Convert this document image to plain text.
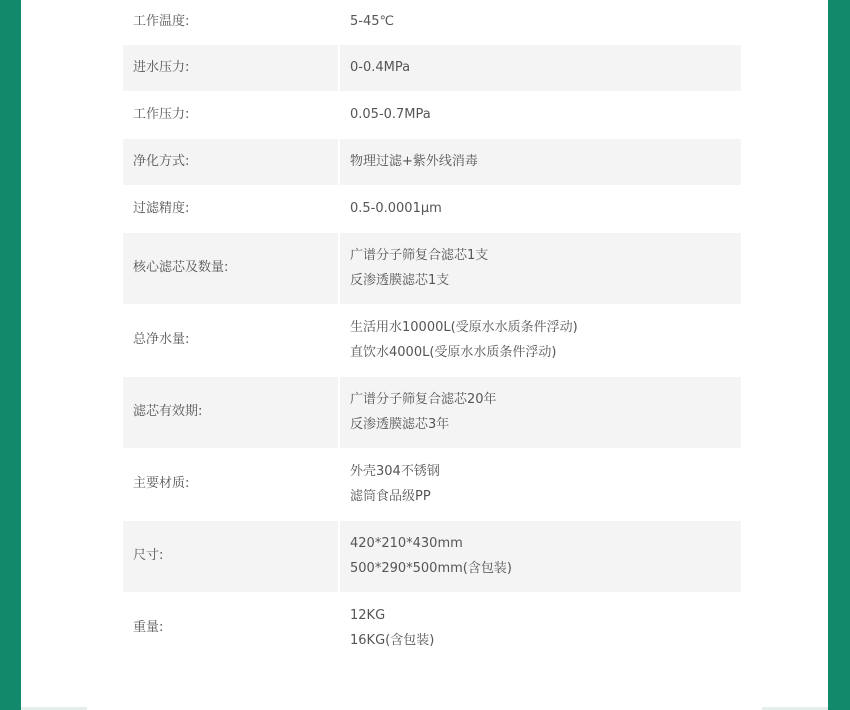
工作温度:	5-45℃

进水压力:	0-0.4MPa

工作压力:	0.05-0.7MPa

净化方式:	物理过滤+紫外线消毒

过滤精度:	0.5-0.0001μm

核心滤芯及数量:	广谱分子筛复合滤芯1支
反渗透膜滤芯1支

总净水量:	生活用水10000L(受原水水质条件浮动)
直饮水4000L(受原水水质条件浮动)

滤芯有效期:	广谱分子筛复合滤芯20年
反渗透膜滤芯3年

主要材质:	外壳304不锈钢
滤筒食品级PP

尺寸:	420*210*430mm
500*290*500mm(含包装)

重量:	12KG
16KG(含包装)
